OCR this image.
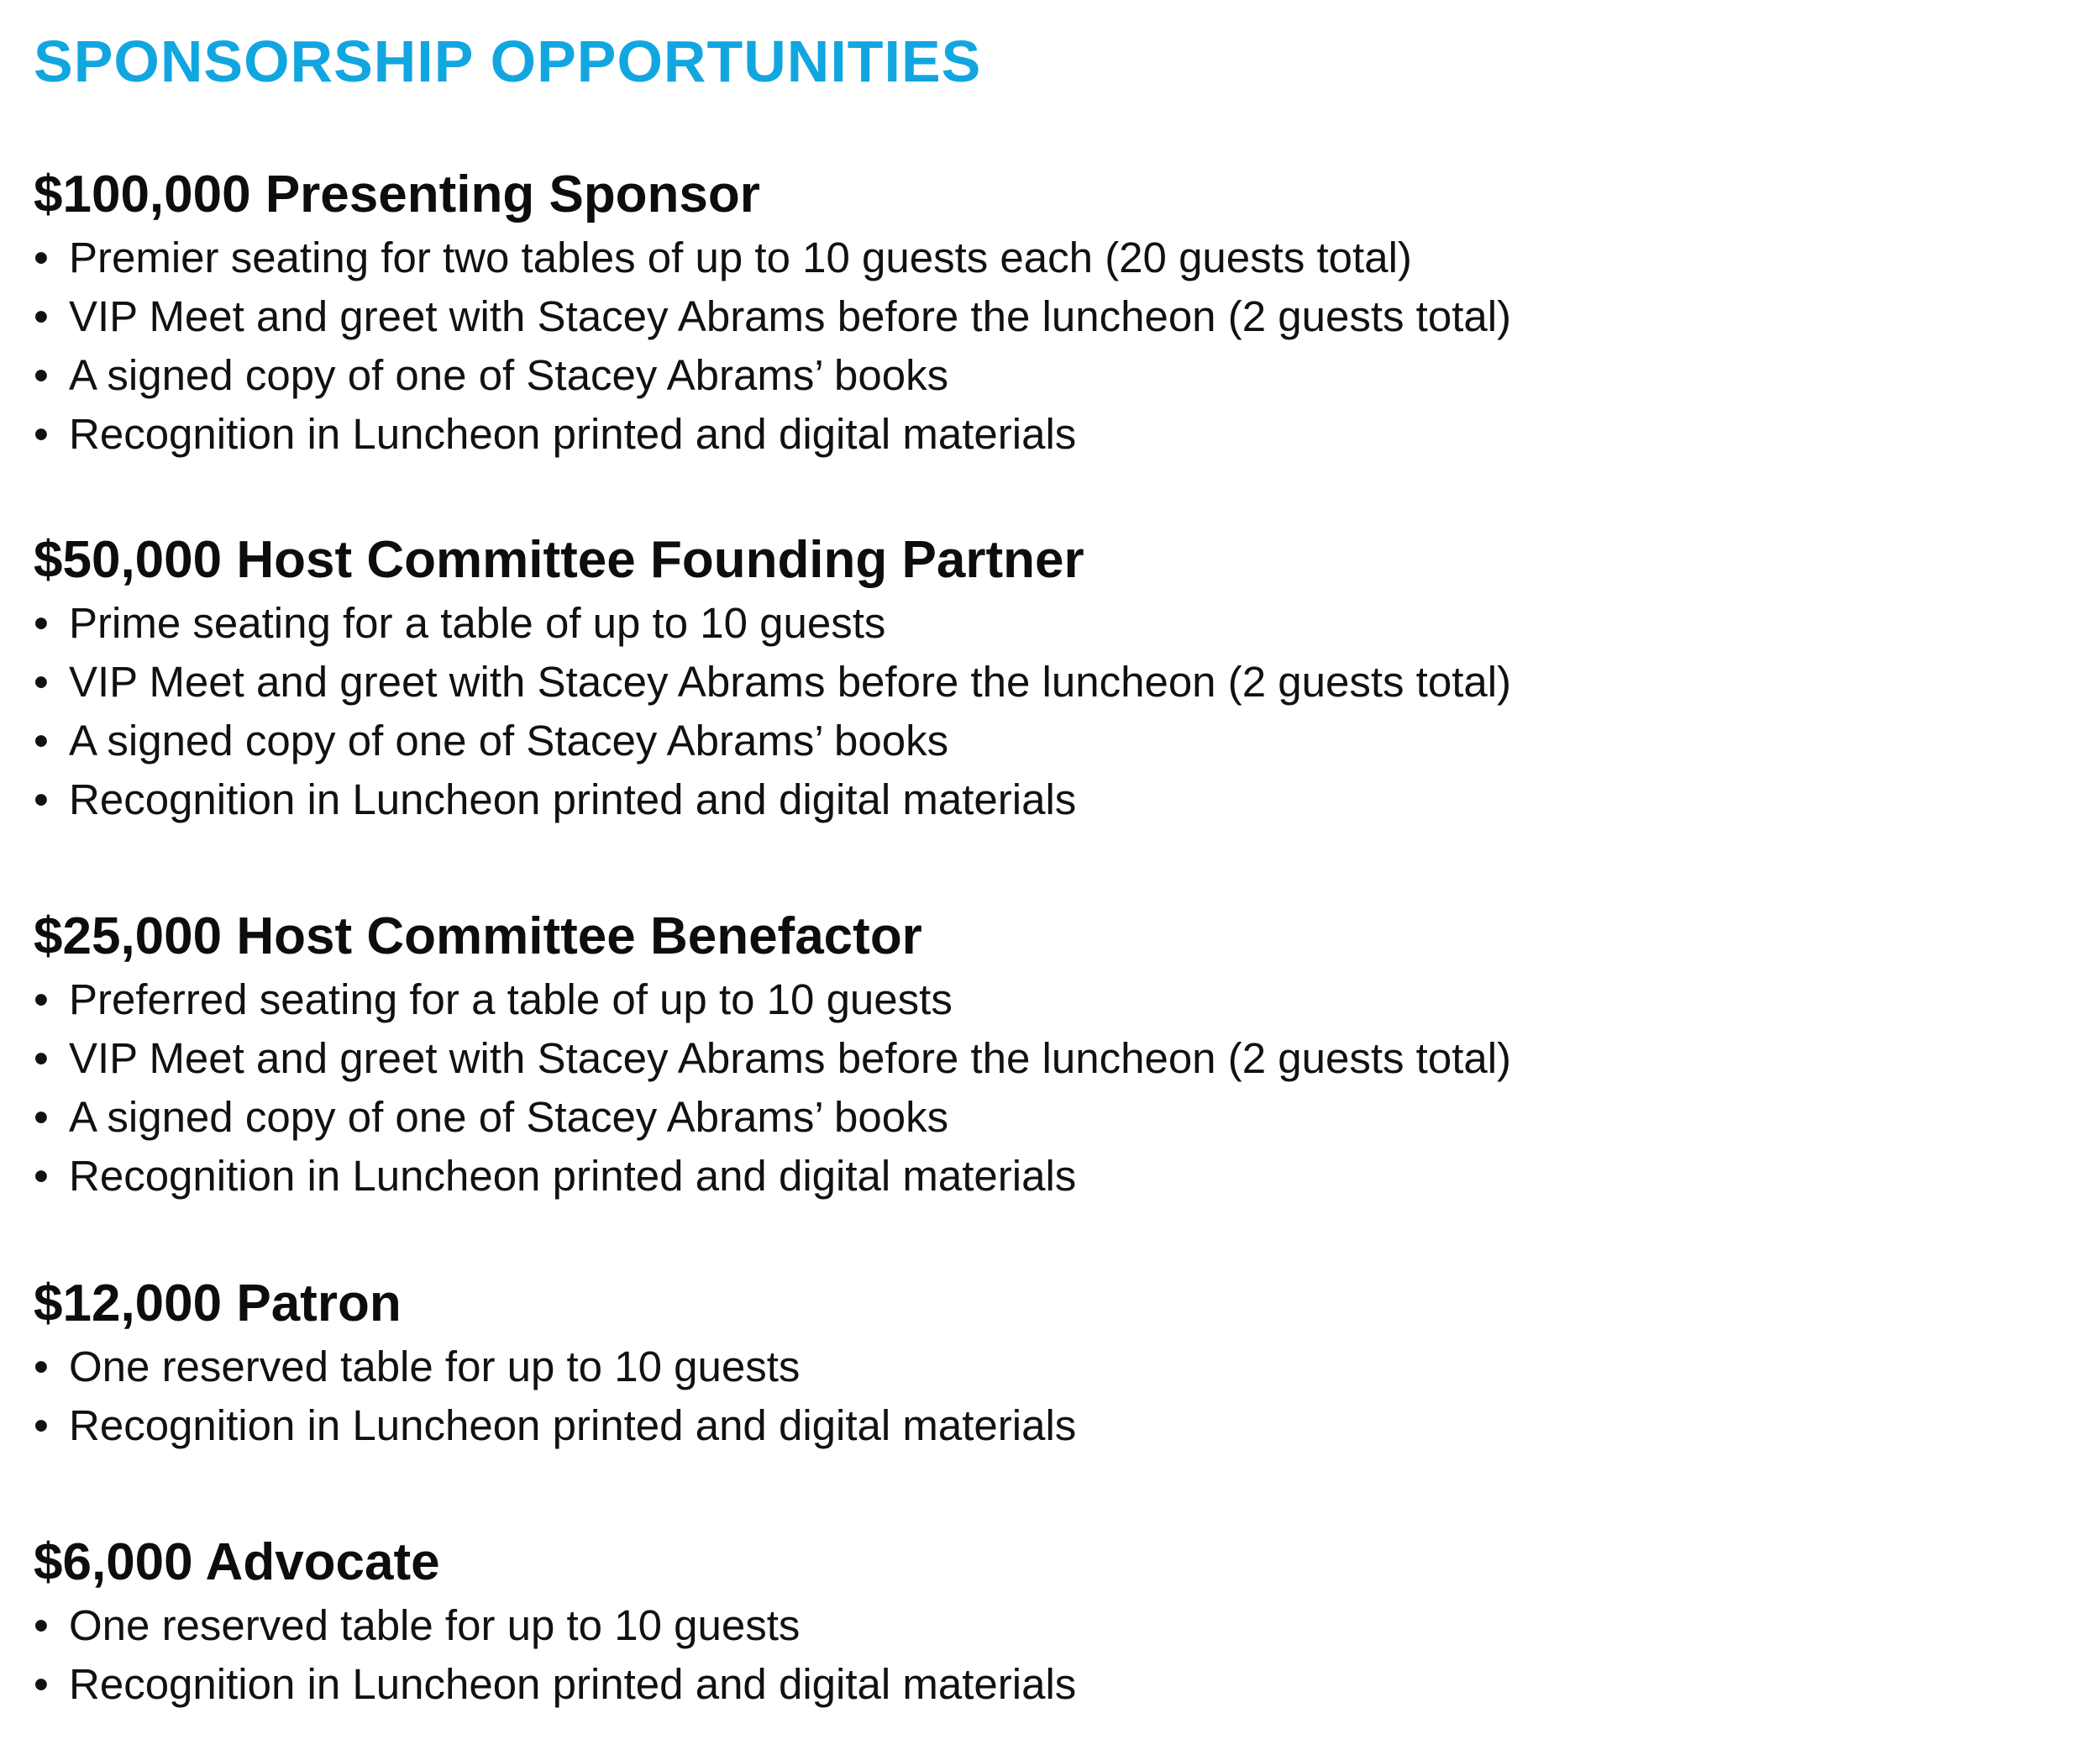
SPONSORSHIP OPPORTUNITIES
$100,000 Presenting Sponsor
• Premier seating for two tables of up to 10 guests each (20 guests total)
• VIP Meet and greet with Stacey Abrams before the luncheon (2 guests total)
• A signed copy of one of Stacey Abrams’ books
• Recognition in Luncheon printed and digital materials
$50,000 Host Committee Founding Partner
• Prime seating for a table of up to 10 guests
• VIP Meet and greet with Stacey Abrams before the luncheon (2 guests total)
• A signed copy of one of Stacey Abrams’ books
• Recognition in Luncheon printed and digital materials
$25,000 Host Committee Benefactor
• Preferred seating for a table of up to 10 guests
• VIP Meet and greet with Stacey Abrams before the luncheon (2 guests total)
• A signed copy of one of Stacey Abrams’ books
• Recognition in Luncheon printed and digital materials
$12,000 Patron
• One reserved table for up to 10 guests
• Recognition in Luncheon printed and digital materials
$6,000 Advocate
• One reserved table for up to 10 guests
• Recognition in Luncheon printed and digital materials
